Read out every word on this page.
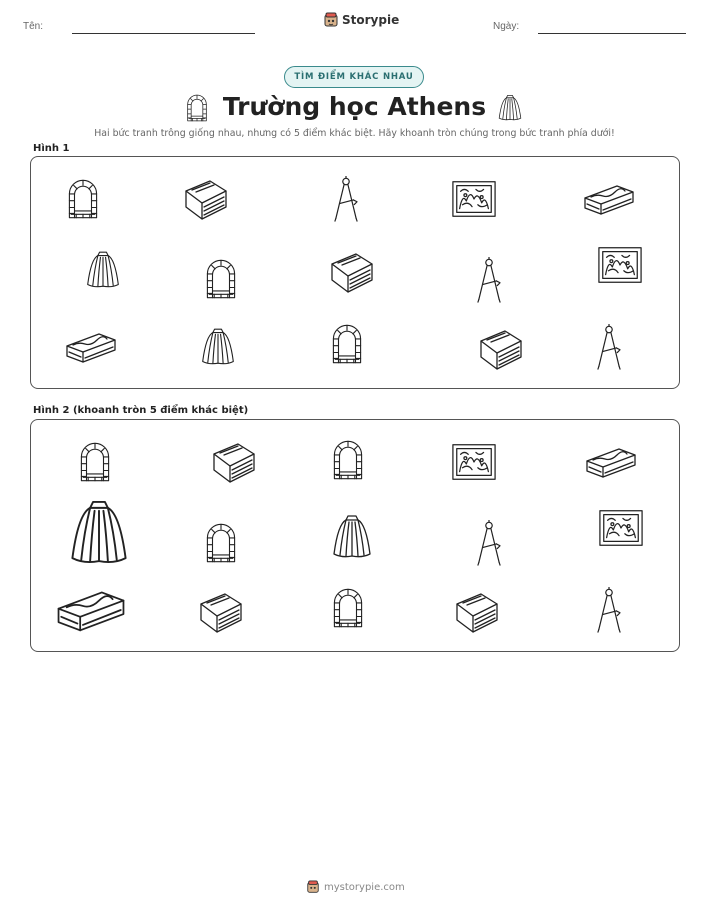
Tên:	Storypie	Ngày:
TÌM ĐIỂM KHÁC NHAU
Trường học Athens
Hai bức tranh trông giống nhau, nhưng có 5 điểm khác biệt. Hãy khoanh tròn chúng trong bức tranh phía dưới!
Hình 1
Hình 2 (khoanh tròn 5 điểm khác biệt)
mystorypie.com
